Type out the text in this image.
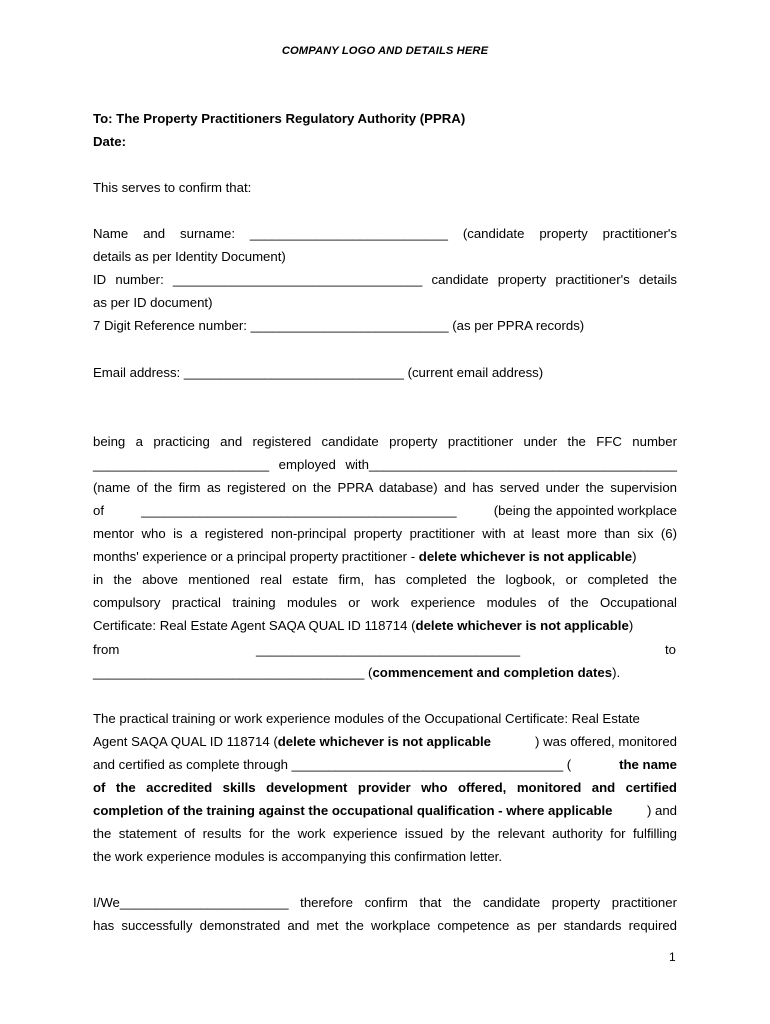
COMPANY LOGO AND DETAILS HERE
To: The Property Practitioners Regulatory Authority (PPRA)
Date:
This serves to confirm that:
Name and surname: ___________________________ (candidate property practitioner's
details as per Identity Document)
ID number: __________________________________ candidate property practitioner's details
as per ID document)
7 Digit Reference number: ___________________________ (as per PPRA records)
Email address: ______________________________ (current email address)
being a practicing and registered candidate property practitioner under the FFC number
________________________ employed with__________________________________________
(name of the firm as registered on the PPRA database) and has served under the supervision
of	___________________________________________	(being the appointed workplace
mentor who is a registered non-principal property practitioner with at least more than six (6)
months' experience or a principal property practitioner - delete whichever is not applicable)
in the above mentioned real estate firm, has completed the logbook, or completed the
compulsory practical training modules or work experience modules of the Occupational
Certificate: Real Estate Agent SAQA QUAL ID 118714 (delete whichever is not applicable)
from	____________________________________	to
_____________________________________ (commencement and completion dates).
The practical training or work experience modules of the Occupational Certificate: Real Estate
Agent SAQA QUAL ID 118714 (delete whichever is not applicable	) was offered, monitored
and certified as complete through _____________________________________ (	the name
of the accredited skills development provider who offered, monitored and certified
completion of the training against the occupational qualification - where applicable	) and
the statement of results for the work experience issued by the relevant authority for fulfilling
the work experience modules is accompanying this confirmation letter.
I/We_______________________ therefore confirm that the candidate property practitioner
has successfully demonstrated and met the workplace competence as per standards required
1
